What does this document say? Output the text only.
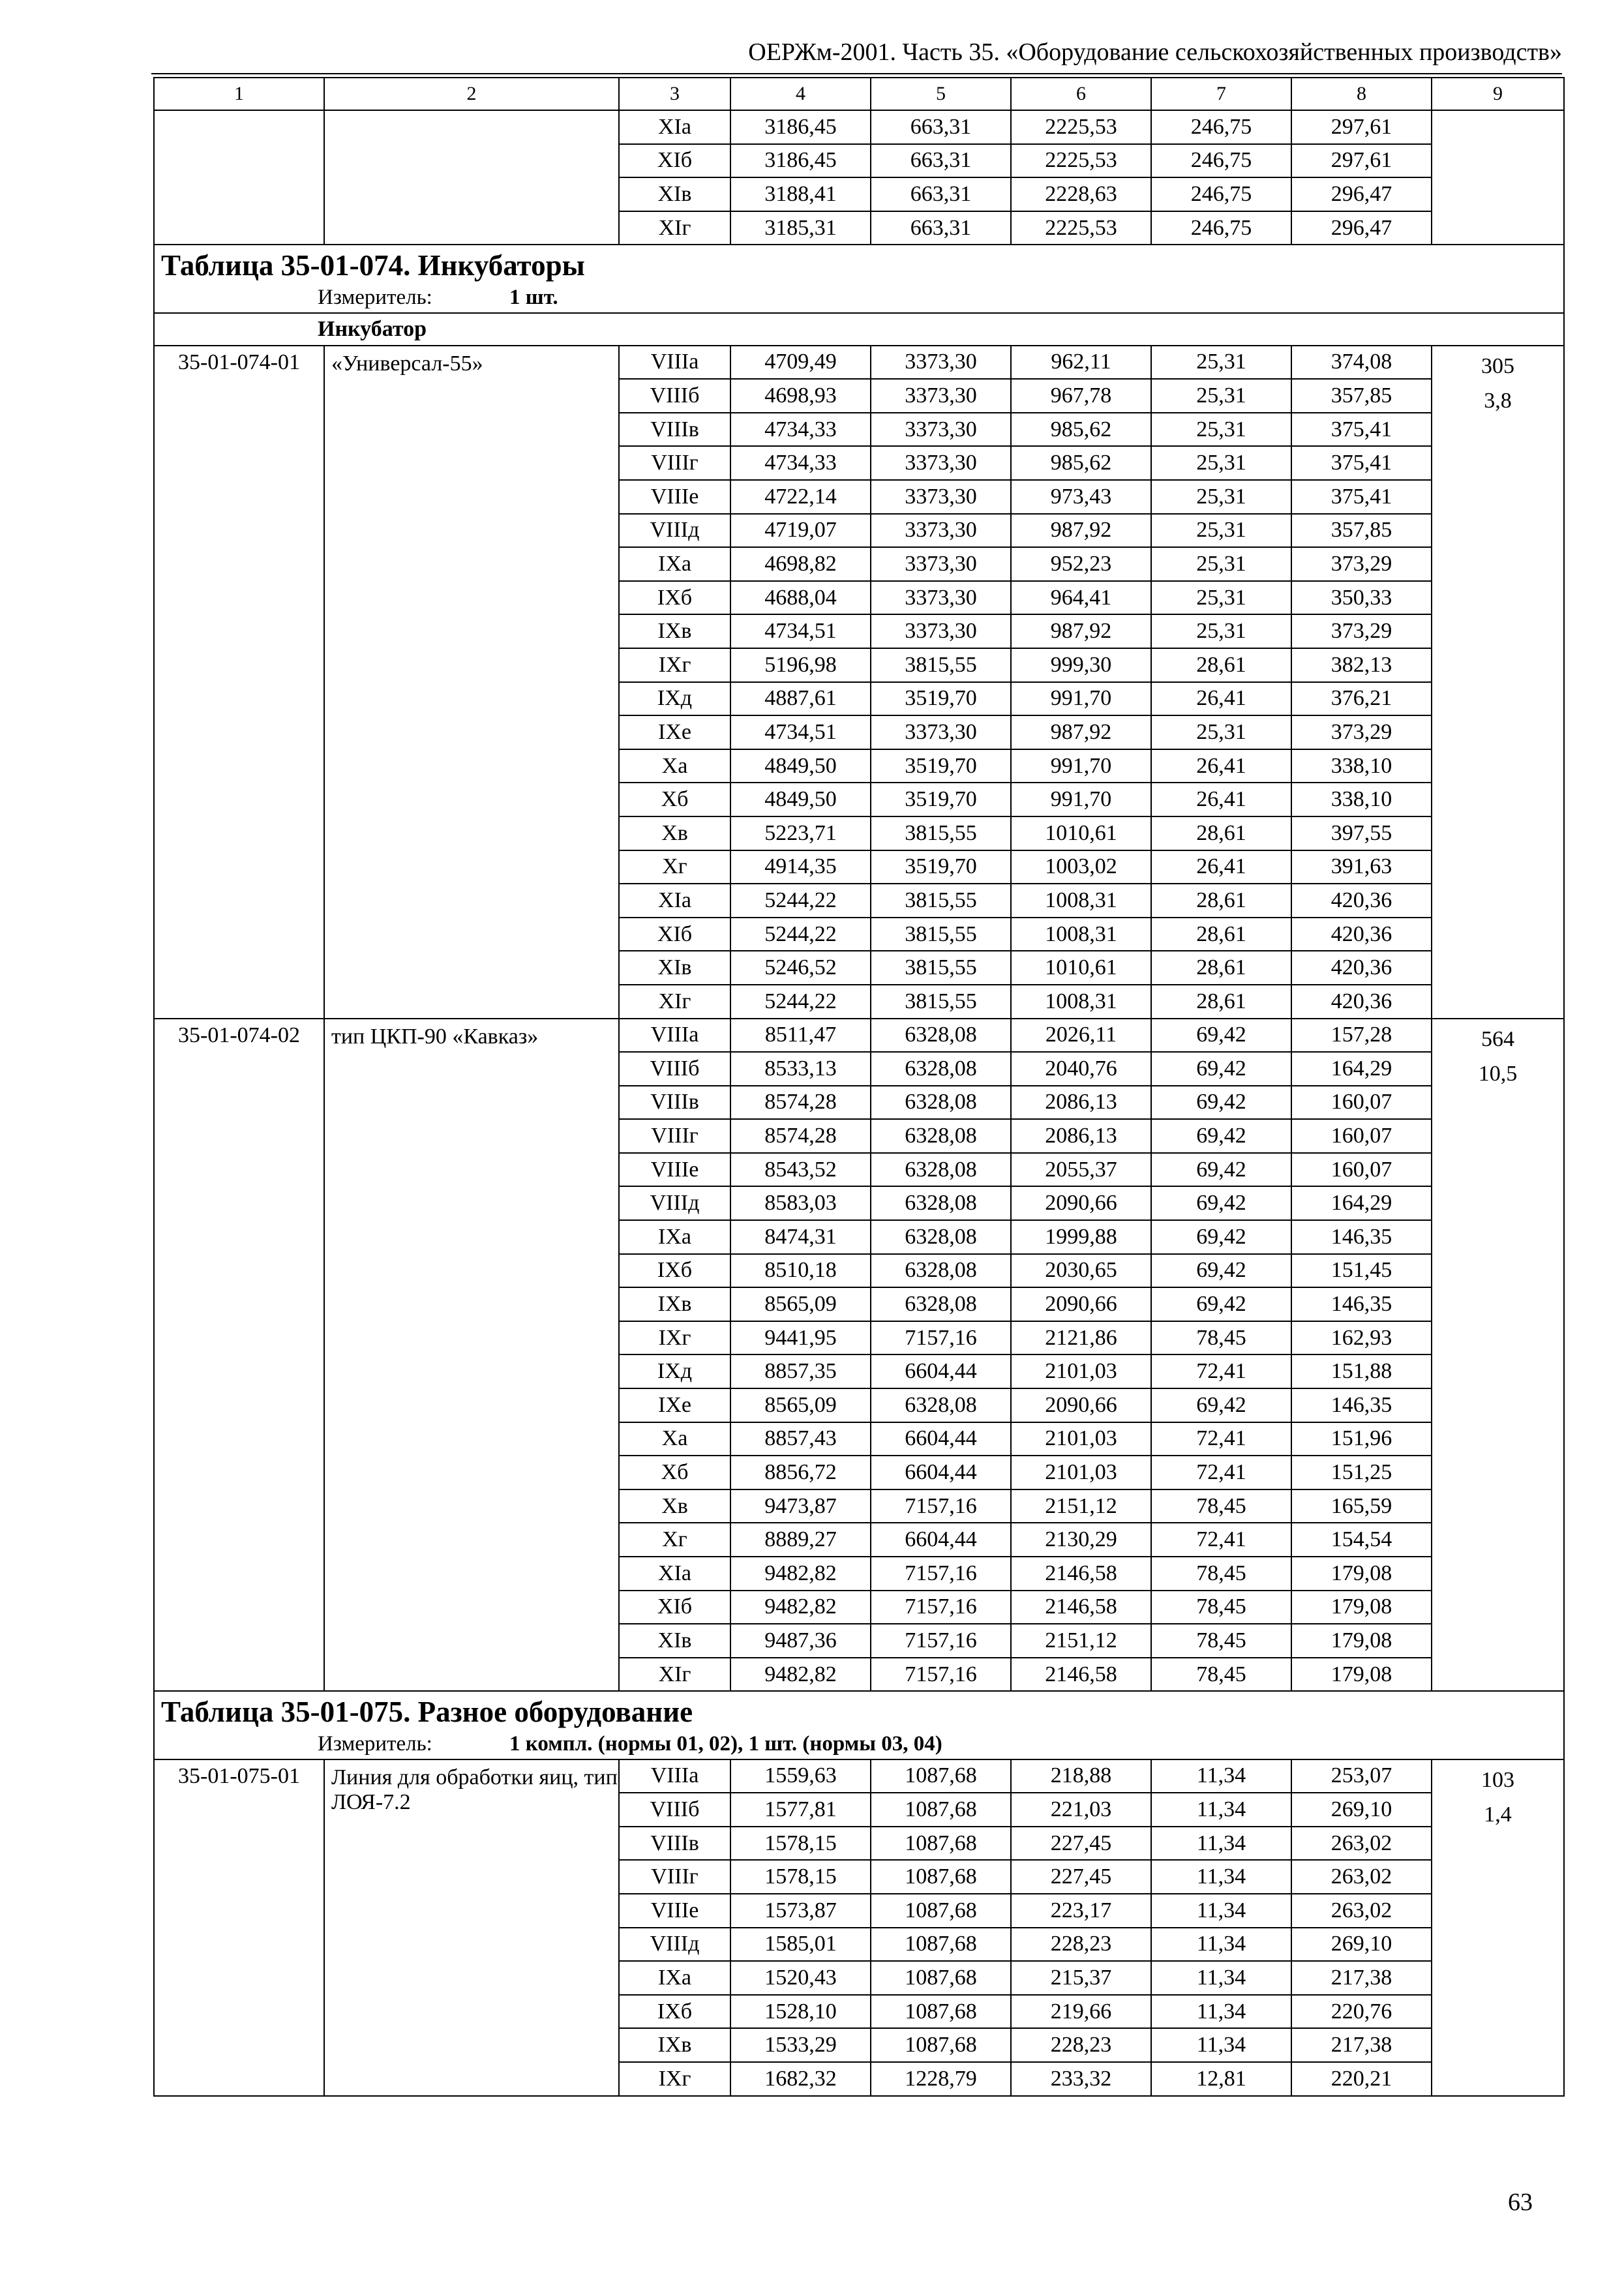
ОЕРЖм-2001. Часть 35. «Оборудование сельскохозяйственных производств»
1	2	3	4	5	6	7	8	9
		XIа	3186,45	663,31	2225,53	246,75	297,61	
		XIб	3186,45	663,31	2225,53	246,75	297,61	
		XIв	3188,41	663,31	2228,63	246,75	296,47	
		XIг	3185,31	663,31	2225,53	246,75	296,47	

Таблица 35-01-074. Инкубаторы
Измеритель: 1 шт.								

Инкубатор								
35-01-074-01	«Универсал-55»	VIIIа	4709,49	3373,30	962,11	25,31	374,08	305
3,8

		VIIIб	4698,93	3373,30	967,78	25,31	357,85	
		VIIIв	4734,33	3373,30	985,62	25,31	375,41	
		VIIIг	4734,33	3373,30	985,62	25,31	375,41	
		VIIIе	4722,14	3373,30	973,43	25,31	375,41	
		VIIIд	4719,07	3373,30	987,92	25,31	357,85	
		IXа	4698,82	3373,30	952,23	25,31	373,29	
		IXб	4688,04	3373,30	964,41	25,31	350,33	
		IXв	4734,51	3373,30	987,92	25,31	373,29	
		IXг	5196,98	3815,55	999,30	28,61	382,13	
		IXд	4887,61	3519,70	991,70	26,41	376,21	
		IXе	4734,51	3373,30	987,92	25,31	373,29	
		Xа	4849,50	3519,70	991,70	26,41	338,10	
		Xб	4849,50	3519,70	991,70	26,41	338,10	
		Xв	5223,71	3815,55	1010,61	28,61	397,55	
		Xг	4914,35	3519,70	1003,02	26,41	391,63	
		XIа	5244,22	3815,55	1008,31	28,61	420,36	
		XIб	5244,22	3815,55	1008,31	28,61	420,36	
		XIв	5246,52	3815,55	1010,61	28,61	420,36	
		XIг	5244,22	3815,55	1008,31	28,61	420,36	
35-01-074-02	тип ЦКП-90 «Кавказ»	VIIIа	8511,47	6328,08	2026,11	69,42	157,28	564
10,5

		VIIIб	8533,13	6328,08	2040,76	69,42	164,29	
		VIIIв	8574,28	6328,08	2086,13	69,42	160,07	
		VIIIг	8574,28	6328,08	2086,13	69,42	160,07	
		VIIIе	8543,52	6328,08	2055,37	69,42	160,07	
		VIIIд	8583,03	6328,08	2090,66	69,42	164,29	
		IXа	8474,31	6328,08	1999,88	69,42	146,35	
		IXб	8510,18	6328,08	2030,65	69,42	151,45	
		IXв	8565,09	6328,08	2090,66	69,42	146,35	
		IXг	9441,95	7157,16	2121,86	78,45	162,93	
		IXд	8857,35	6604,44	2101,03	72,41	151,88	
		IXе	8565,09	6328,08	2090,66	69,42	146,35	
		Xа	8857,43	6604,44	2101,03	72,41	151,96	
		Xб	8856,72	6604,44	2101,03	72,41	151,25	
		Xв	9473,87	7157,16	2151,12	78,45	165,59	
		Xг	8889,27	6604,44	2130,29	72,41	154,54	
		XIа	9482,82	7157,16	2146,58	78,45	179,08	
		XIб	9482,82	7157,16	2146,58	78,45	179,08	
		XIв	9487,36	7157,16	2151,12	78,45	179,08	
		XIг	9482,82	7157,16	2146,58	78,45	179,08	

Таблица 35-01-075. Разное оборудование
Измеритель: 1 компл. (нормы 01, 02), 1 шт. (нормы 03, 04)								

35-01-075-01	Линия для обработки яиц, тип ЛОЯ-7.2	VIIIа	1559,63	1087,68	218,88	11,34	253,07	103
1,4

		VIIIб	1577,81	1087,68	221,03	11,34	269,10	
		VIIIв	1578,15	1087,68	227,45	11,34	263,02	
		VIIIг	1578,15	1087,68	227,45	11,34	263,02	
		VIIIе	1573,87	1087,68	223,17	11,34	263,02	
		VIIIд	1585,01	1087,68	228,23	11,34	269,10	
		IXа	1520,43	1087,68	215,37	11,34	217,38	
		IXб	1528,10	1087,68	219,66	11,34	220,76	
		IXв	1533,29	1087,68	228,23	11,34	217,38	
		IXг	1682,32	1228,79	233,32	12,81	220,21	
63
